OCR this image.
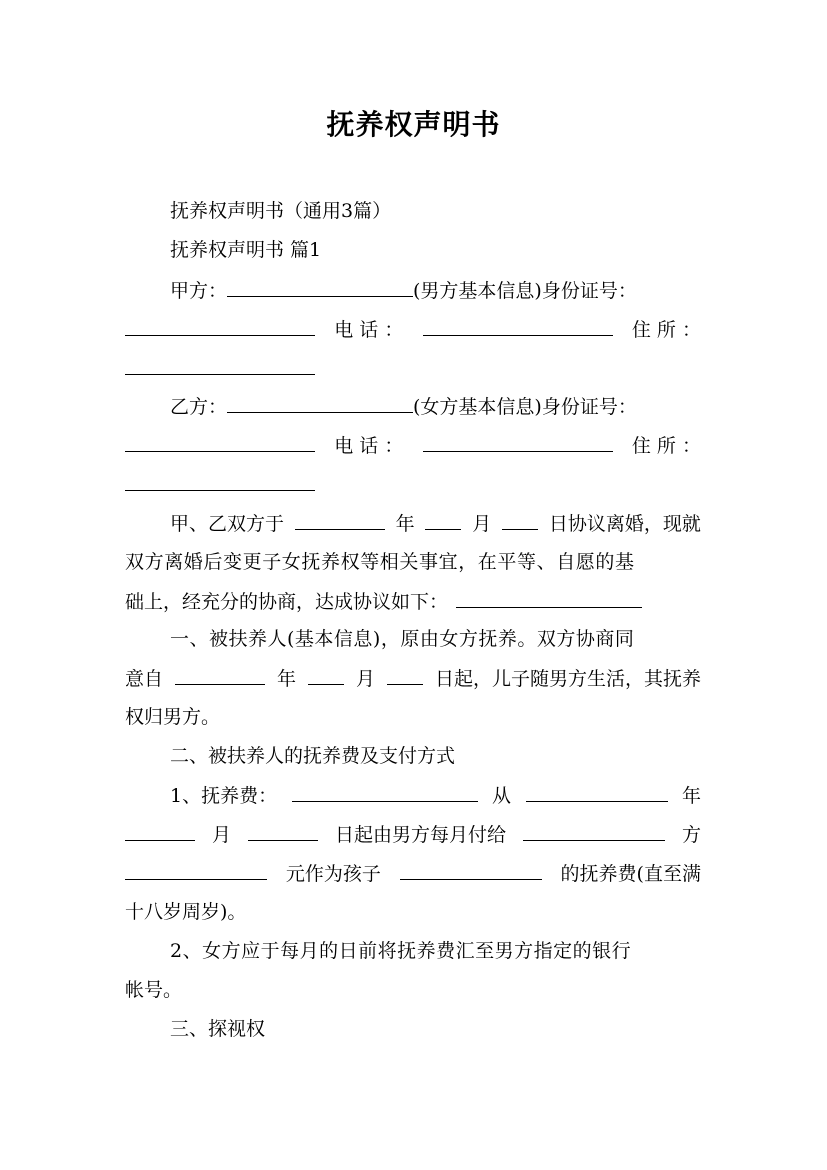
抚养权声明书
抚养权声明书（通用3篇）
抚养权声明书 篇1
甲方：	(男方基本信息)身份证号：
电 话 ：	住 所 ：
乙方：	(女方基本信息)身份证号：
电 话 ：	住 所 ：
甲、乙双方于	年	月	日协议离婚，现就
双方离婚后变更子女抚养权等相关事宜，在平等、自愿的基
础上，经充分的协商，达成协议如下：
一、被扶养人(基本信息)，原由女方抚养。双方协商同
意自	年	月	日起，儿子随男方生活，其抚养
权归男方。
二、被扶养人的抚养费及支付方式
1、抚养费：	从	年
月	日起由男方每月付给	方
元作为孩子	的抚养费(直至满
十八岁周岁)。
2、女方应于每月的日前将抚养费汇至男方指定的银行
帐号。
三、探视权
